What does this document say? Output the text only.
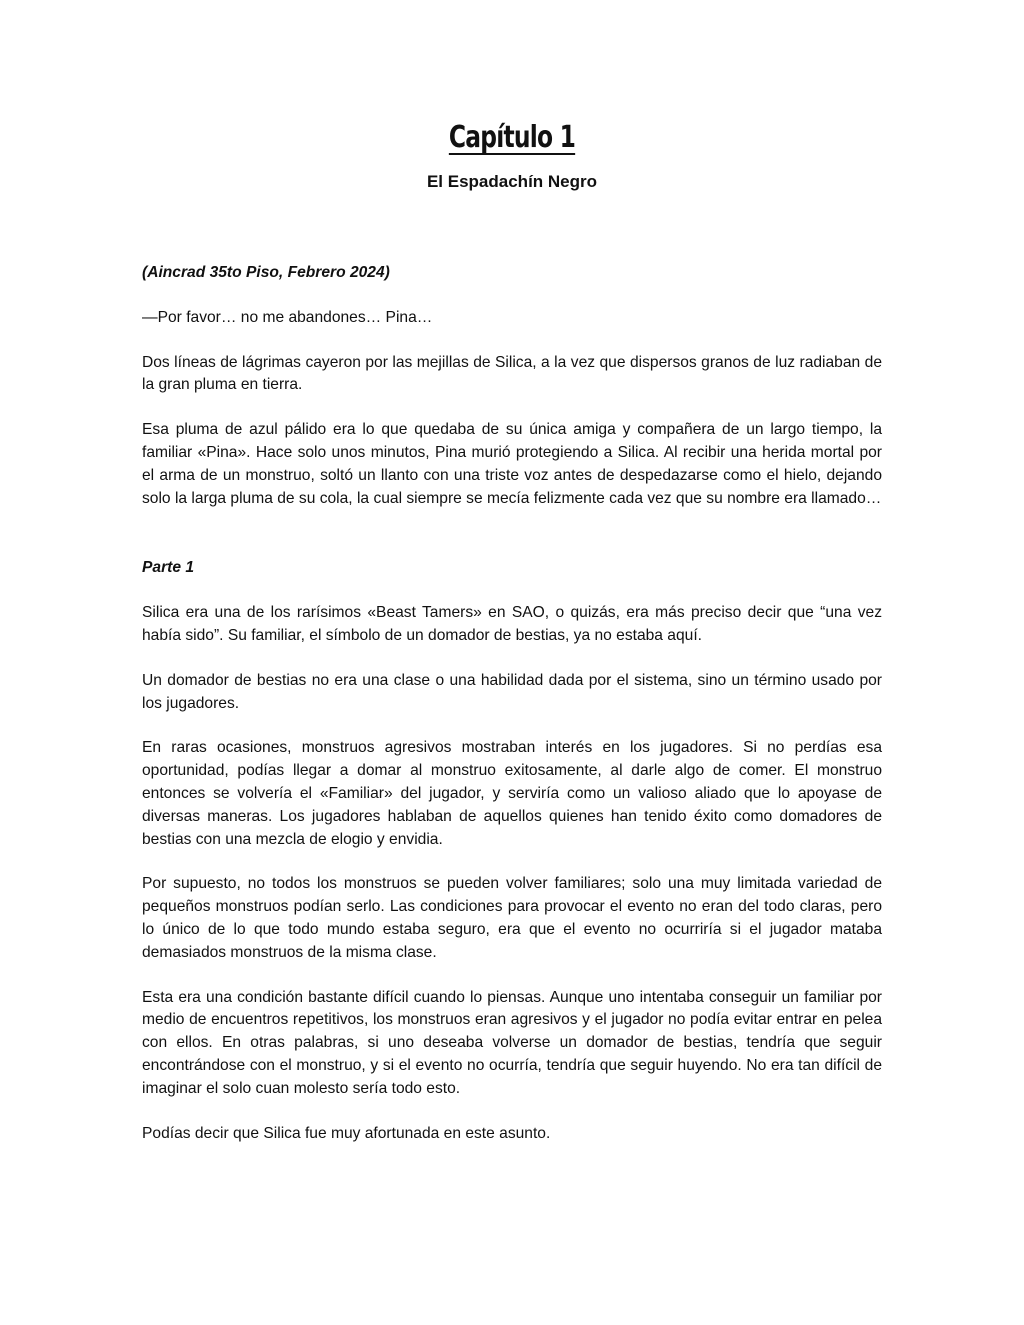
Capítulo 1
El Espadachín Negro

(Aincrad 35to Piso, Febrero 2024)

—Por favor… no me abandones… Pina…

Dos líneas de lágrimas cayeron por las mejillas de Silica, a la vez que dispersos granos de luz radiaban de la gran pluma en tierra.

Esa pluma de azul pálido era lo que quedaba de su única amiga y compañera de un largo tiempo, la familiar «Pina». Hace solo unos minutos, Pina murió protegiendo a Silica. Al recibir una herida mortal por el arma de un monstruo, soltó un llanto con una triste voz antes de despedazarse como el hielo, dejando solo la larga pluma de su cola, la cual siempre se mecía felizmente cada vez que su nombre era llamado…

Parte 1

Silica era una de los rarísimos «Beast Tamers» en SAO, o quizás, era más preciso decir que “una vez había sido”. Su familiar, el símbolo de un domador de bestias, ya no estaba aquí.

Un domador de bestias no era una clase o una habilidad dada por el sistema, sino un término usado por los jugadores.

En raras ocasiones, monstruos agresivos mostraban interés en los jugadores. Si no perdías esa oportunidad, podías llegar a domar al monstruo exitosamente, al darle algo de comer. El monstruo entonces se volvería el «Familiar» del jugador, y serviría como un valioso aliado que lo apoyase de diversas maneras. Los jugadores hablaban de aquellos quienes han tenido éxito como domadores de bestias con una mezcla de elogio y envidia.

Por supuesto, no todos los monstruos se pueden volver familiares; solo una muy limitada variedad de pequeños monstruos podían serlo. Las condiciones para provocar el evento no eran del todo claras, pero lo único de lo que todo mundo estaba seguro, era que el evento no ocurriría si el jugador mataba demasiados monstruos de la misma clase.

Esta era una condición bastante difícil cuando lo piensas. Aunque uno intentaba conseguir un familiar por medio de encuentros repetitivos, los monstruos eran agresivos y el jugador no podía evitar entrar en pelea con ellos. En otras palabras, si uno deseaba volverse un domador de bestias, tendría que seguir encontrándose con el monstruo, y si el evento no ocurría, tendría que seguir huyendo. No era tan difícil de imaginar el solo cuan molesto sería todo esto.

Podías decir que Silica fue muy afortunada en este asunto.
